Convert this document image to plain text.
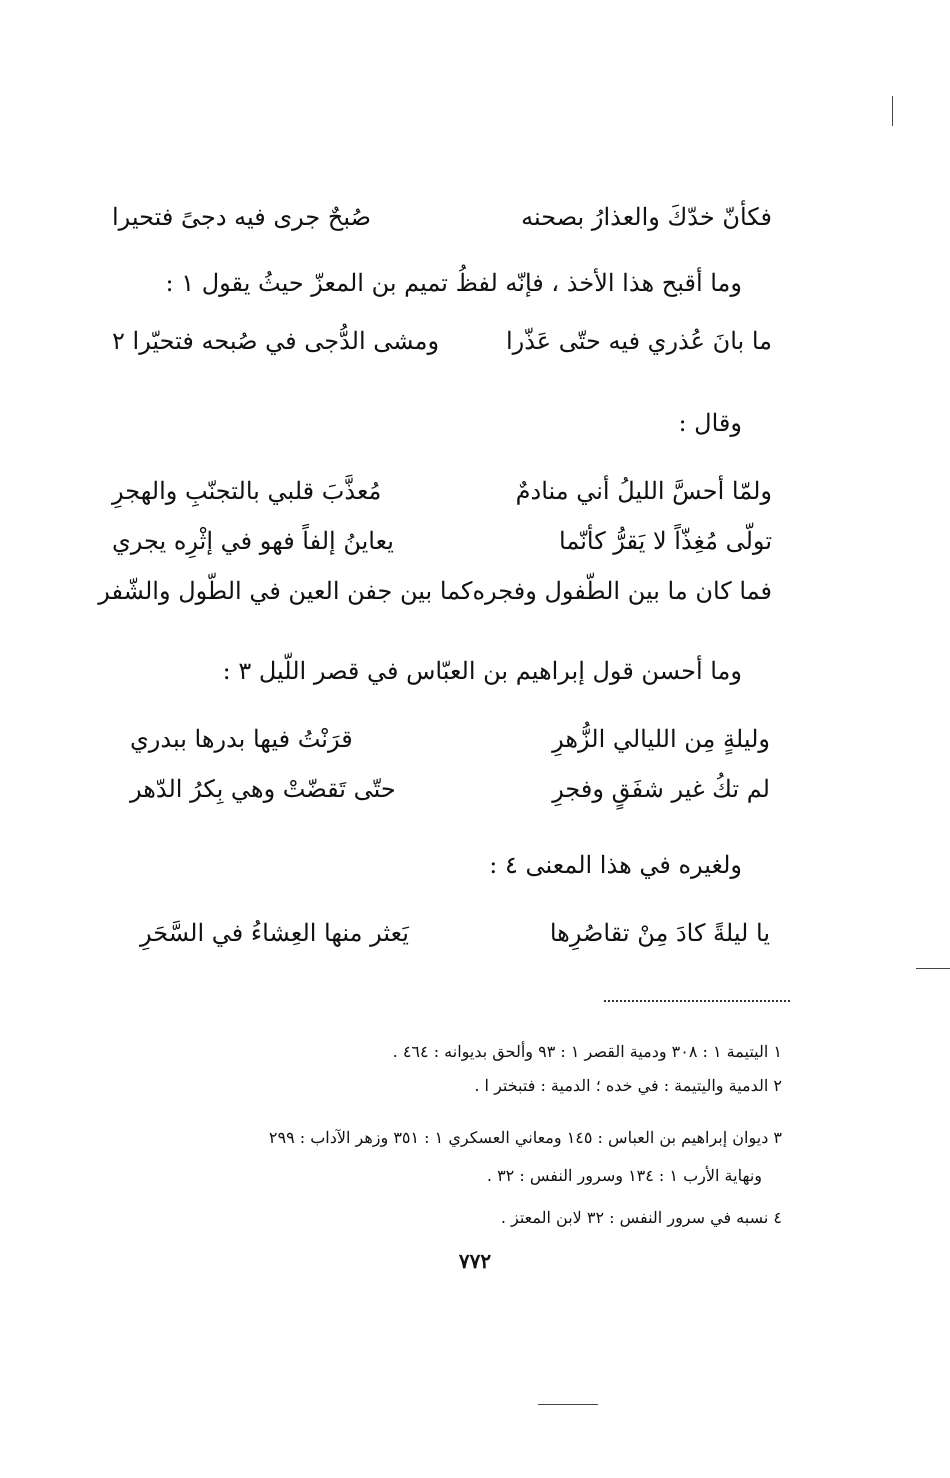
فكأنّ خدّكَ والعذارُ بصحنه
صُبحٌ جرى فيه دجىً فتحيرا
وما أقبح هذا الأخذ ، فإنّه لفظُ تميم بن المعزّ حيثُ يقول ١ :
ما بانَ عُذري فيه حتّى عَذّرا
ومشى الدُّجى في صُبحه فتحيّرا ٢
وقال :
ولمّا أحسَّ الليلُ أني منادمٌ
مُعذَّبَ قلبي بالتجنّبِ والهجرِ
تولّى مُغِذّاً لا يَقرُّ كأنّما
يعاينُ إلفاً فهو في إثْرِه يجري
فما كان ما بين الطّفول وفجره
كما بين جفن العين في الطّول والشّفر
وما أحسن قول إبراهيم بن العبّاس في قصر اللّيل ٣ :
وليلةٍ مِن الليالي الزُّهرِ
قرَنْتُ فيها بدرها ببدري
لم تكُ غير شفَقٍ وفجرِ
حتّى تَقضّتْ وهي بِكرُ الدّهر
ولغيره في هذا المعنى ٤ :
يا ليلةً كادَ مِنْ تقاصُرِها
يَعثر منها العِشاءُ في السَّحَرِ
١ اليتيمة ١ : ٣٠٨ ودمية القصر ١ : ٩٣ وألحق بديوانه : ٤٦٤ .
٢ الدمية واليتيمة : في خده ؛ الدمية : فتبختر ا .
٣ ديوان إبراهيم بن العباس : ١٤٥ ومعاني العسكري ١ : ٣٥١ وزهر الآداب : ٢٩٩
ونهاية الأرب ١ : ١٣٤ وسرور النفس : ٣٢ .
٤ نسبه في سرور النفس : ٣٢ لابن المعتز .
٧٧٢
